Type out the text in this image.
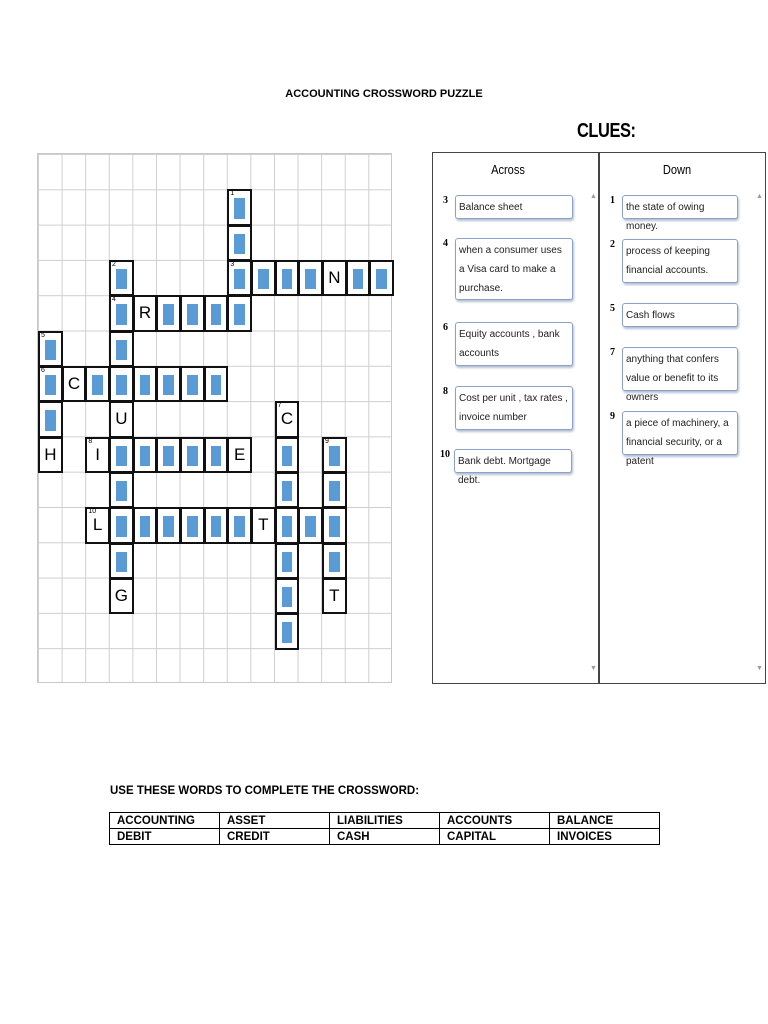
ACCOUNTING CROSSWORD PUZZLE
1
3
N
2
4
U
G
R
5
6
H
C
8
I	E
7
C
9
T
10
L	T
CLUES:
Across	Down
▲
▼
▲
▼
3
Balance sheet
4
when a consumer uses a Visa card to make a purchase.
6
Equity accounts , bank accounts
8
Cost per unit , tax rates , invoice number
10
Bank debt. Mortgage debt.
1
the state of owing money.
2
process of keeping financial accounts.
5
Cash flows
7
anything that confers value or benefit to its owners
9
a piece of machinery, a financial security, or a patent
USE THESE WORDS TO COMPLETE THE CROSSWORD:
ACCOUNTING	ASSET	LIABILITIES	ACCOUNTS	BALANCE
DEBIT	CREDIT	CASH	CAPITAL	INVOICES
